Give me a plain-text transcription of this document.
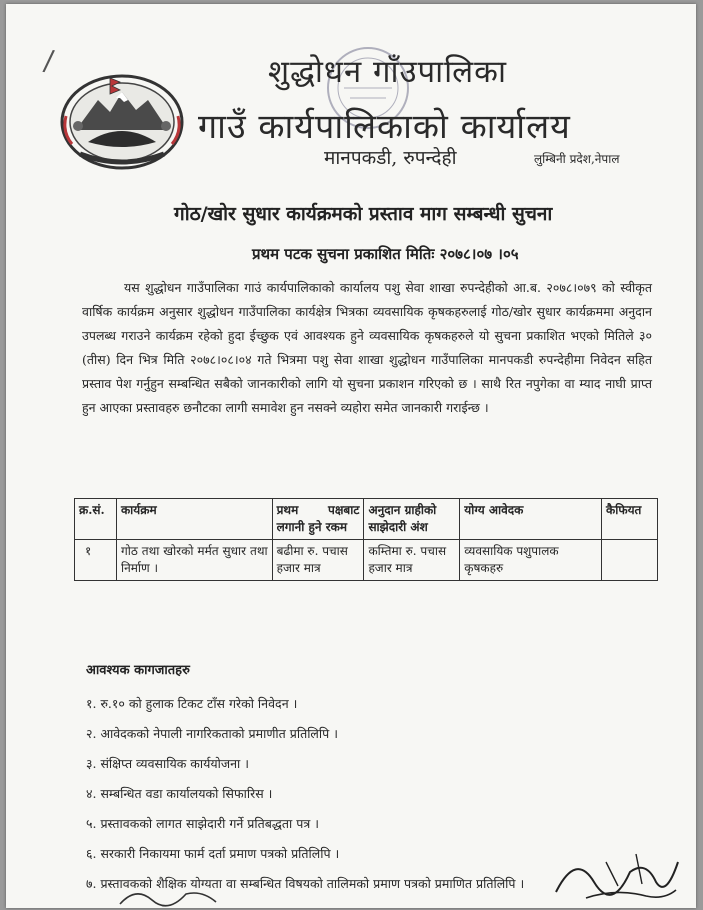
/	शुद्धोधन गाँउपालिका
गाउँ कार्यपालिकाको कार्यालय
मानपकडी, रुपन्देही	लुम्बिनी प्रदेश,नेपाल
गोठ/खोर सुधार कार्यक्रमको प्रस्ताव माग सम्बन्धी सुचना
प्रथम पटक सुचना प्रकाशित मितिः २०७८।०७ ।०५

यस शुद्धोधन गाउँपालिका गाउं कार्यपालिकाको कार्यालय पशु सेवा शाखा रुपन्देहीको आ.ब. २०७८।०७९ को स्वीकृत वार्षिक कार्यक्रम अनुसार शुद्धोधन गाउँपालिका कार्यक्षेत्र भित्रका व्यवसायिक कृषकहरुलाई गोठ/खोर सुधार कार्यक्रममा अनुदान उपलब्ध गराउने कार्यक्रम रहेको हुदा ईच्छुक एवं आवश्यक हुने व्यवसायिक कृषकहरुले यो सुचना प्रकाशित भएको मितिले ३० (तीस) दिन भित्र मिति २०७८।०८।०४ गते भित्रमा पशु सेवा शाखा शुद्धोधन गाउँपालिका मानपकडी रुपन्देहीमा निवेदन सहित प्रस्ताव पेश गर्नुहुन सम्बन्धित सबैको जानकारीको लागि यो सुचना प्रकाशन गरिएको छ । साथै रित नपुगेका वा म्याद नाघी प्राप्त हुन आएका प्रस्तावहरु छनौटका लागी समावेश हुन नसक्ने व्यहोरा समेत जानकारी गराईन्छ ।

क्र.सं.	कार्यक्रम	प्रथम पक्षबाट लगानी हुने रकम	अनुदान ग्राहीको साझेदारी अंश	योग्य आवेदक	कैफियत
१	गोठ तथा खोरको मर्मत सुधार तथा निर्माण ।	बढीमा रु. पचास हजार मात्र	कम्तिमा रु. पचास हजार मात्र	व्यवसायिक पशुपालक कृषकहरु	
आवश्यक कागजातहरु
१. रु.१० को हुलाक टिकट टाँस गरेको निवेदन ।
२. आवेदकको नेपाली नागरिकताको प्रमाणीत प्रतिलिपि ।
३. संक्षिप्त व्यवसायिक कार्ययोजना ।
४. सम्बन्धित वडा कार्यालयको सिफारिस ।
५. प्रस्तावकको लागत साझेदारी गर्ने प्रतिबद्धता पत्र ।
६. सरकारी निकायमा फार्म दर्ता प्रमाण पत्रको प्रतिलिपि ।
७. प्रस्तावकको शैक्षिक योग्यता वा सम्बन्धित विषयको तालिमको प्रमाण पत्रको प्रमाणित प्रतिलिपि ।
